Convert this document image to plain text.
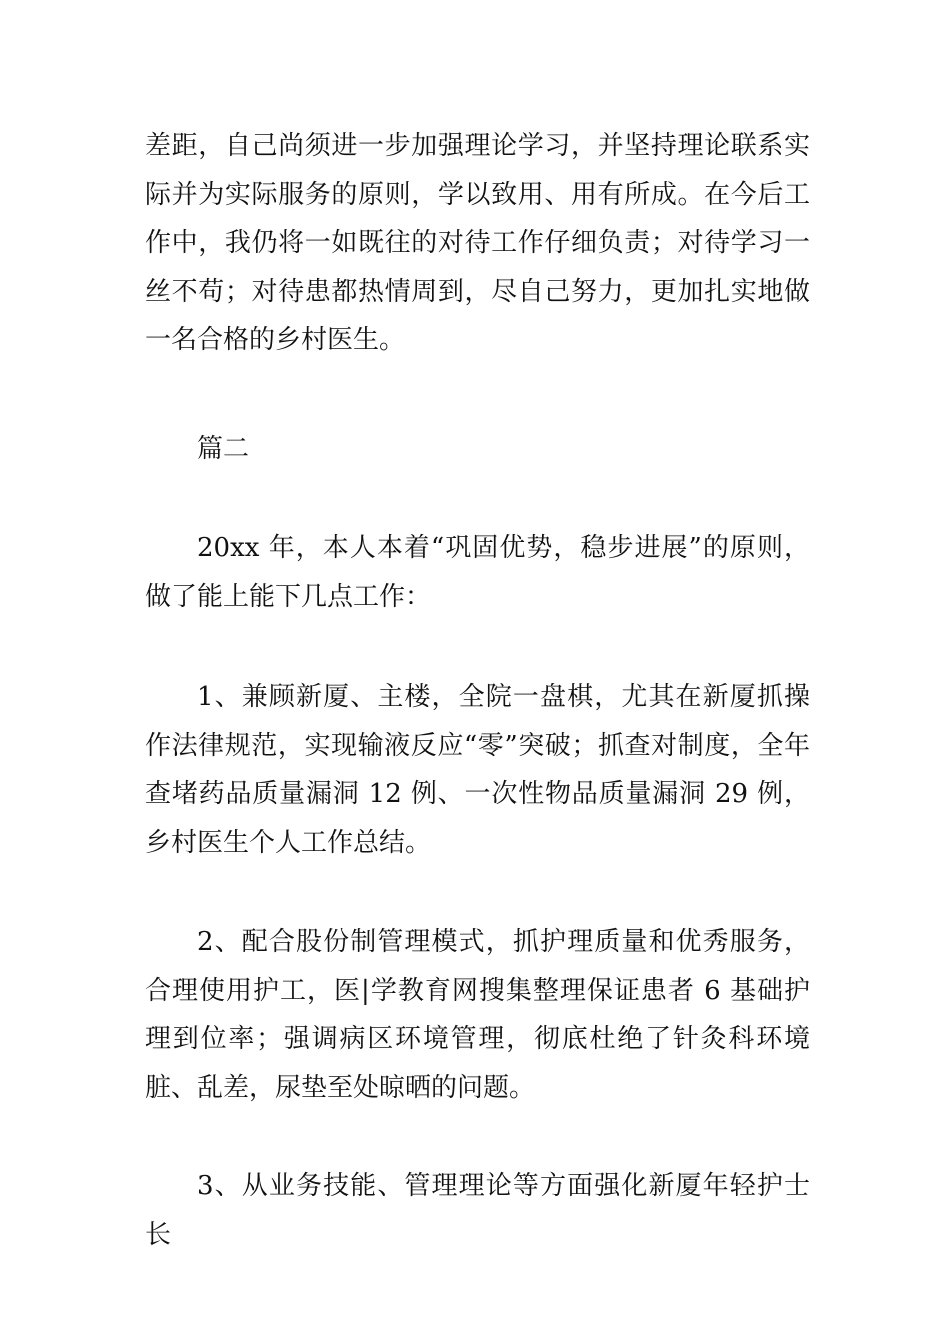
差距，自己尚须进一步加强理论学习，并坚持理论联系实际并为实际服务的原则，学以致用、用有所成。在今后工作中，我仍将一如既往的对待工作仔细负责；对待学习一丝不苟；对待患都热情周到，尽自己努力，更加扎实地做一名合格的乡村医生。

篇二

20xx 年，本人本着“巩固优势，稳步进展”的原则，做了能上能下几点工作：

1、兼顾新厦、主楼，全院一盘棋，尤其在新厦抓操作法律规范，实现输液反应“零”突破；抓查对制度，全年查堵药品质量漏洞 12 例、一次性物品质量漏洞 29 例，乡村医生个人工作总结。

2、配合股份制管理模式，抓护理质量和优秀服务，合理使用护工，医|学教育网搜集整理保证患者 6 基础护理到位率；强调病区环境管理，彻底杜绝了针灸科环境脏、乱差，尿垫至处晾晒的问题。

3、从业务技能、管理理论等方面强化新厦年轻护士长
